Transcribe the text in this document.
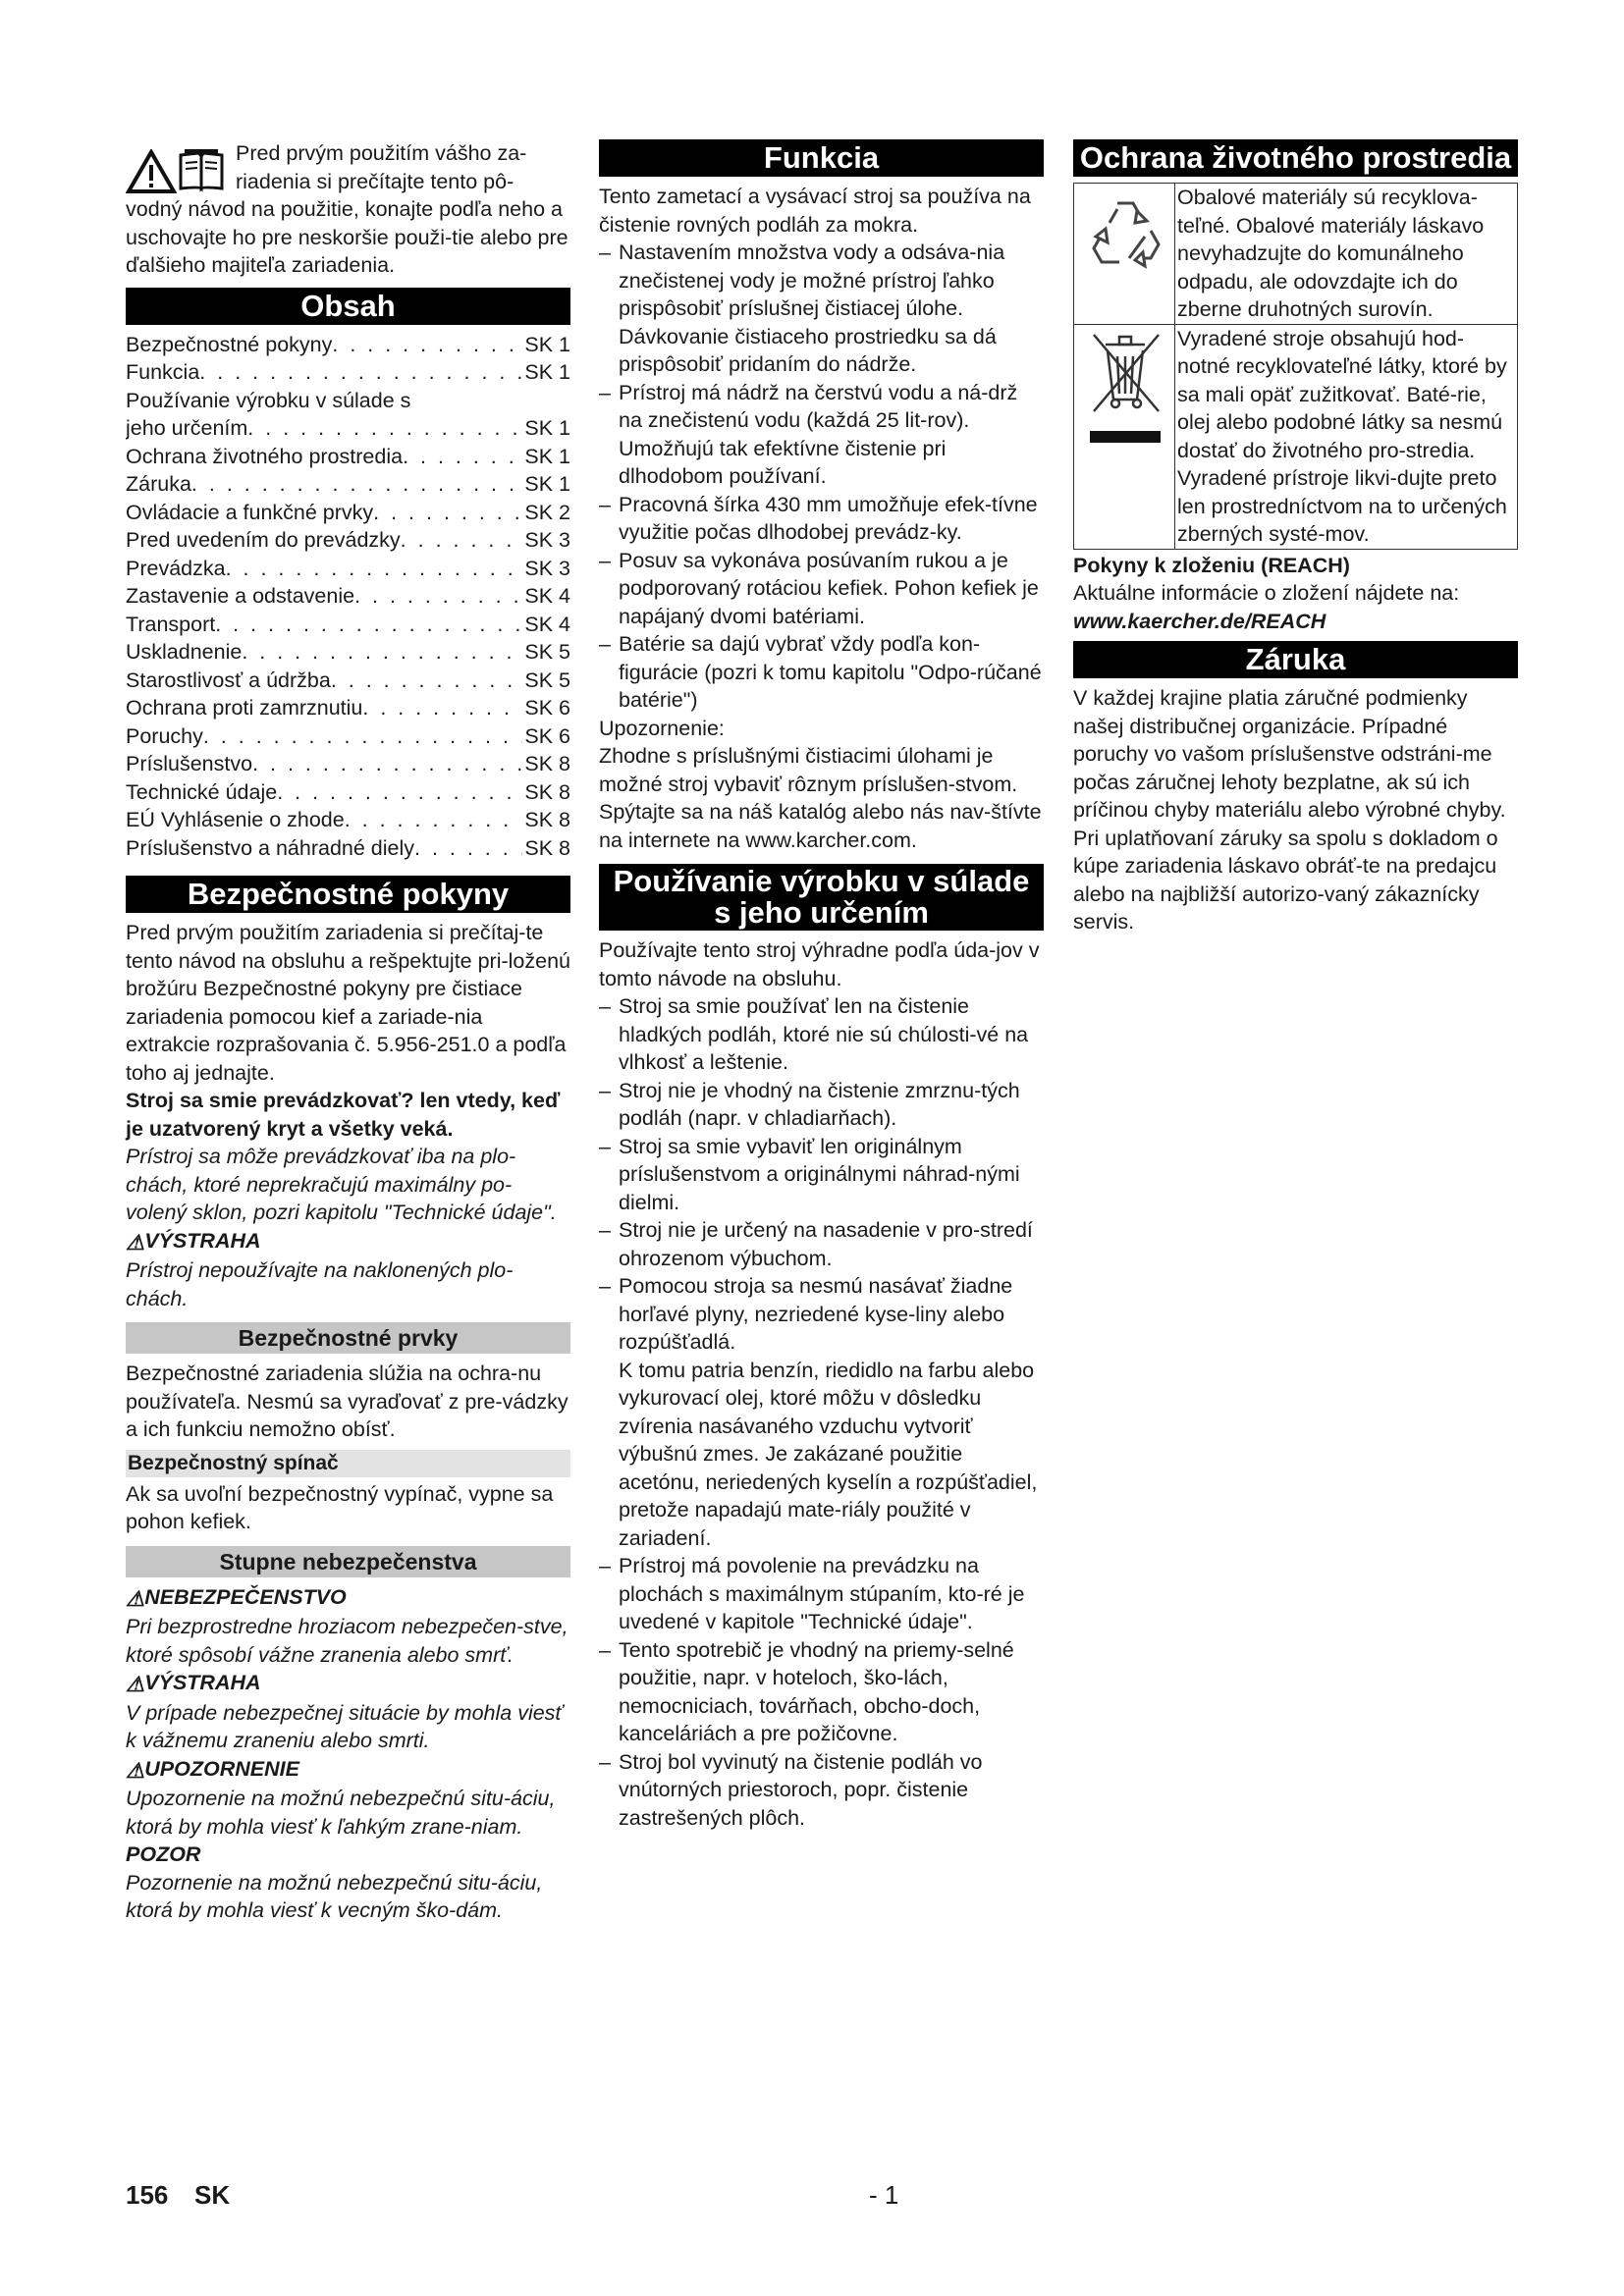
Pred prvým použitím vášho za-

riadenia si prečítajte tento pô-

vodný návod na použitie, konajte podľa neho a uschovajte ho pre neskoršie použi-tie alebo pre ďalšieho majiteľa zariadenia.

Obsah
Bezpečnostné pokyny . . .	SK 1
Funkcia . . .	SK 1
Používanie výrobku v súlade s
jeho určením . . .	SK 1
Ochrana životného prostredia . . .	SK 1
Záruka . . .	SK 1
Ovládacie a funkčné prvky . . .	SK 2
Pred uvedením do prevádzky . . .	SK 3
Prevádzka . . .	SK 3
Zastavenie a odstavenie . . .	SK 4
Transport . . .	SK 4
Uskladnenie . . .	SK 5
Starostlivosť a údržba . . .	SK 5
Ochrana proti zamrznutiu . . .	SK 6
Poruchy . . .	SK 6
Príslušenstvo . . .	SK 8
Technické údaje . . .	SK 8
EÚ Vyhlásenie o zhode . . .	SK 8
Príslušenstvo a náhradné diely . . .	SK 8
Bezpečnostné pokyny

Pred prvým použitím zariadenia si prečítaj-te tento návod na obsluhu a rešpektujte pri-loženú brožúru Bezpečnostné pokyny pre čistiace zariadenia pomocou kief a zariade-nia extrakcie rozprašovania č. 5.956-251.0 a podľa toho aj jednajte.

Stroj sa smie prevádzkovať? len vtedy, keď je uzatvorený kryt a všetky veká.

Prístroj sa môže prevádzkovať iba na plo-chách, ktoré neprekračujú maximálny po-volený sklon, pozri kapitolu "Technické údaje".

⚠VÝSTRAHA

Prístroj nepoužívajte na naklonených plo-chách.

Bezpečnostné prvky

Bezpečnostné zariadenia slúžia na ochra-nu používateľa. Nesmú sa vyraďovať z pre-vádzky a ich funkciu nemožno obísť.

Bezpečnostný spínač

Ak sa uvoľní bezpečnostný vypínač, vypne sa pohon kefiek.

Stupne nebezpečenstva

⚠NEBEZPEČENSTVO

Pri bezprostredne hroziacom nebezpečen-stve, ktoré spôsobí vážne zranenia alebo smrť.

⚠VÝSTRAHA

V prípade nebezpečnej situácie by mohla viesť k vážnemu zraneniu alebo smrti.

⚠UPOZORNENIE

Upozornenie na možnú nebezpečnú situ-áciu, ktorá by mohla viesť k ľahkým zrane-niam.

POZOR

Pozornenie na možnú nebezpečnú situ-áciu, ktorá by mohla viesť k vecným ško-dám.

Funkcia

Tento zametací a vysávací stroj sa používa na čistenie rovných podláh za mokra.

– Nastavením množstva vody a odsáva-nia znečistenej vody je možné prístroj ľahko prispôsobiť príslušnej čistiacej úlohe.

Dávkovanie čistiaceho prostriedku sa dá prispôsobiť pridaním do nádrže.

– Prístroj má nádrž na čerstvú vodu a ná-drž na znečistenú vodu (každá 25 lit-rov). Umožňujú tak efektívne čistenie pri dlhodobom používaní.
– Pracovná šírka 430 mm umožňuje efek-tívne využitie počas dlhodobej prevádz-ky.
– Posuv sa vykonáva posúvaním rukou a je podporovaný rotáciou kefiek. Pohon kefiek je napájaný dvomi batériami.
– Batérie sa dajú vybrať vždy podľa kon-figurácie (pozri k tomu kapitolu "Odpo-rúčané batérie")

Upozornenie:

Zhodne s príslušnými čistiacimi úlohami je možné stroj vybaviť rôznym príslušen-stvom.

Spýtajte sa na náš katalóg alebo nás nav-štívte na internete na www.karcher.com.

Používanie výrobku v súlade
s jeho určením

Používajte tento stroj výhradne podľa úda-jov v tomto návode na obsluhu.

– Stroj sa smie používať len na čistenie hladkých podláh, ktoré nie sú chúlosti-vé na vlhkosť a leštenie.
– Stroj nie je vhodný na čistenie zmrznu-tých podláh (napr. v chladiarňach).
– Stroj sa smie vybaviť len originálnym príslušenstvom a originálnymi náhrad-nými dielmi.
– Stroj nie je určený na nasadenie v pro-stredí ohrozenom výbuchom.
– Pomocou stroja sa nesmú nasávať žiadne horľavé plyny, nezriedené kyse-liny alebo rozpúšťadlá.

K tomu patria benzín, riedidlo na farbu alebo vykurovací olej, ktoré môžu v dôsledku zvírenia nasávaného vzduchu vytvoriť výbušnú zmes. Je zakázané použitie acetónu, neriedených kyselín a rozpúšťadiel, pretože napadajú mate-riály použité v zariadení.

– Prístroj má povolenie na prevádzku na plochách s maximálnym stúpaním, kto-ré je uvedené v kapitole "Technické údaje".
– Tento spotrebič je vhodný na priemy-selné použitie, napr. v hoteloch, ško-lách, nemocniciach, továrňach, obcho-doch, kanceláriách a pre požičovne.
– Stroj bol vyvinutý na čistenie podláh vo vnútorných priestoroch, popr. čistenie zastrešených plôch.
Ochrana životného prostredia
	Obalové materiály sú recyklova-teľné. Obalové materiály láskavo nevyhadzujte do komunálneho odpadu, ale odovzdajte ich do zberne druhotných surovín.

	Vyradené stroje obsahujú hod-notné recyklovateľné látky, ktoré by sa mali opäť zužitkovať. Baté-rie, olej alebo podobné látky sa nesmú dostať do životného pro-stredia. Vyradené prístroje likvi-dujte preto len prostredníctvom na to určených zberných systé-mov.

Pokyny k zloženiu (REACH)

Aktuálne informácie o zložení nájdete na:

www.kaercher.de/REACH

Záruka

V každej krajine platia záručné podmienky našej distribučnej organizácie. Prípadné poruchy vo vašom príslušenstve odstráni-me počas záručnej lehoty bezplatne, ak sú ich príčinou chyby materiálu alebo výrobné chyby. Pri uplatňovaní záruky sa spolu s dokladom o kúpe zariadenia láskavo obráť-te na predajcu alebo na najbližší autorizo-vaný zákaznícky servis.

156 SK	- 1
